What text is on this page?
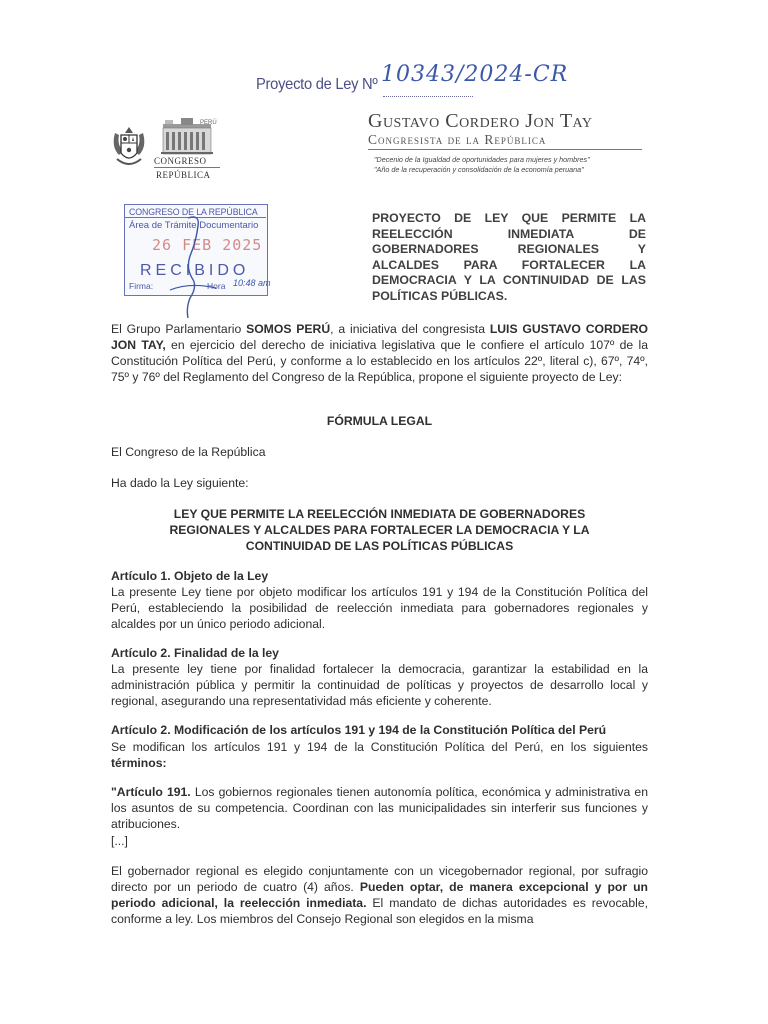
Proyecto de Ley Nº 10343/2024-CR
PERÚ
CONGRESO
REPÚBLICA
Gustavo Cordero Jon Tay
Congresista de la República
"Decenio de la Igualdad de oportunidades para mujeres y hombres"
"Año de la recuperación y consolidación de la economía peruana"
CONGRESO DE LA REPÚBLICA
Área de Trámite Documentario
26 FEB 2025
RECIBIDO
Firma:	Hora 10:48 am
PROYECTO DE LEY QUE PERMITE LA
REELECCIÓN INMEDIATA DE
GOBERNADORES REGIONALES Y
ALCALDES PARA FORTALECER LA
DEMOCRACIA Y LA CONTINUIDAD DE LAS
POLÍTICAS PÚBLICAS.
El Grupo Parlamentario SOMOS PERÚ, a iniciativa del congresista LUIS GUSTAVO CORDERO JON TAY, en ejercicio del derecho de iniciativa legislativa que le confiere el artículo 107º de la Constitución Política del Perú, y conforme a lo establecido en los artículos 22º, literal c), 67º, 74º, 75º y 76º del Reglamento del Congreso de la República, propone el siguiente proyecto de Ley:
FÓRMULA LEGAL
El Congreso de la República
Ha dado la Ley siguiente:
LEY QUE PERMITE LA REELECCIÓN INMEDIATA DE GOBERNADORES
REGIONALES Y ALCALDES PARA FORTALECER LA DEMOCRACIA Y LA
CONTINUIDAD DE LAS POLÍTICAS PÚBLICAS
Artículo 1. Objeto de la Ley
La presente Ley tiene por objeto modificar los artículos 191 y 194 de la Constitución Política del Perú, estableciendo la posibilidad de reelección inmediata para gobernadores regionales y alcaldes por un único periodo adicional.
Artículo 2. Finalidad de la ley
La presente ley tiene por finalidad fortalecer la democracia, garantizar la estabilidad en la administración pública y permitir la continuidad de políticas y proyectos de desarrollo local y regional, asegurando una representatividad más eficiente y coherente.
Artículo 2. Modificación de los artículos 191 y 194 de la Constitución Política del Perú
Se modifican los artículos 191 y 194 de la Constitución Política del Perú, en los siguientes términos:
"Artículo 191. Los gobiernos regionales tienen autonomía política, económica y administrativa en los asuntos de su competencia. Coordinan con las municipalidades sin interferir sus funciones y atribuciones.
[...]
El gobernador regional es elegido conjuntamente con un vicegobernador regional, por sufragio directo por un periodo de cuatro (4) años. Pueden optar, de manera excepcional y por un periodo adicional, la reelección inmediata. El mandato de dichas autoridades es revocable, conforme a ley. Los miembros del Consejo Regional son elegidos en la misma
